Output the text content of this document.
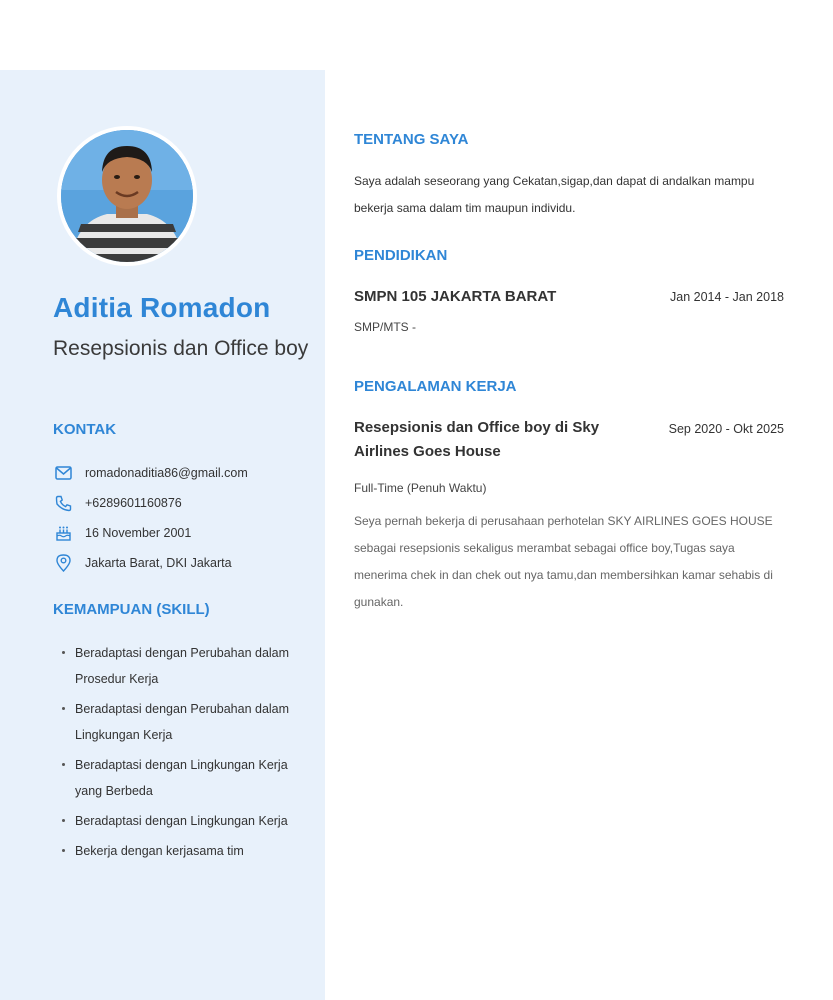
Aditia Romadon
Resepsionis dan Office boy
KONTAK
romadonaditia86@gmail.com
+6289601160876
16 November 2001
Jakarta Barat, DKI Jakarta
KEMAMPUAN (SKILL)
Beradaptasi dengan Perubahan dalam Prosedur Kerja
Beradaptasi dengan Perubahan dalam Lingkungan Kerja
Beradaptasi dengan Lingkungan Kerja yang Berbeda
Beradaptasi dengan Lingkungan Kerja
Bekerja dengan kerjasama tim
TENTANG SAYA
Saya adalah seseorang yang Cekatan,sigap,dan dapat di andalkan mampu bekerja sama dalam tim maupun individu.
PENDIDIKAN
SMPN 105 JAKARTA BARAT	Jan 2014 - Jan 2018
SMP/MTS -
PENGALAMAN KERJA
Resepsionis dan Office boy di Sky Airlines Goes House
Sep 2020 - Okt 2025
Full-Time (Penuh Waktu)
Seya pernah bekerja di perusahaan perhotelan SKY AIRLINES GOES HOUSE sebagai resepsionis sekaligus merambat sebagai office boy,Tugas saya menerima chek in dan chek out nya tamu,dan membersihkan kamar sehabis di gunakan.
